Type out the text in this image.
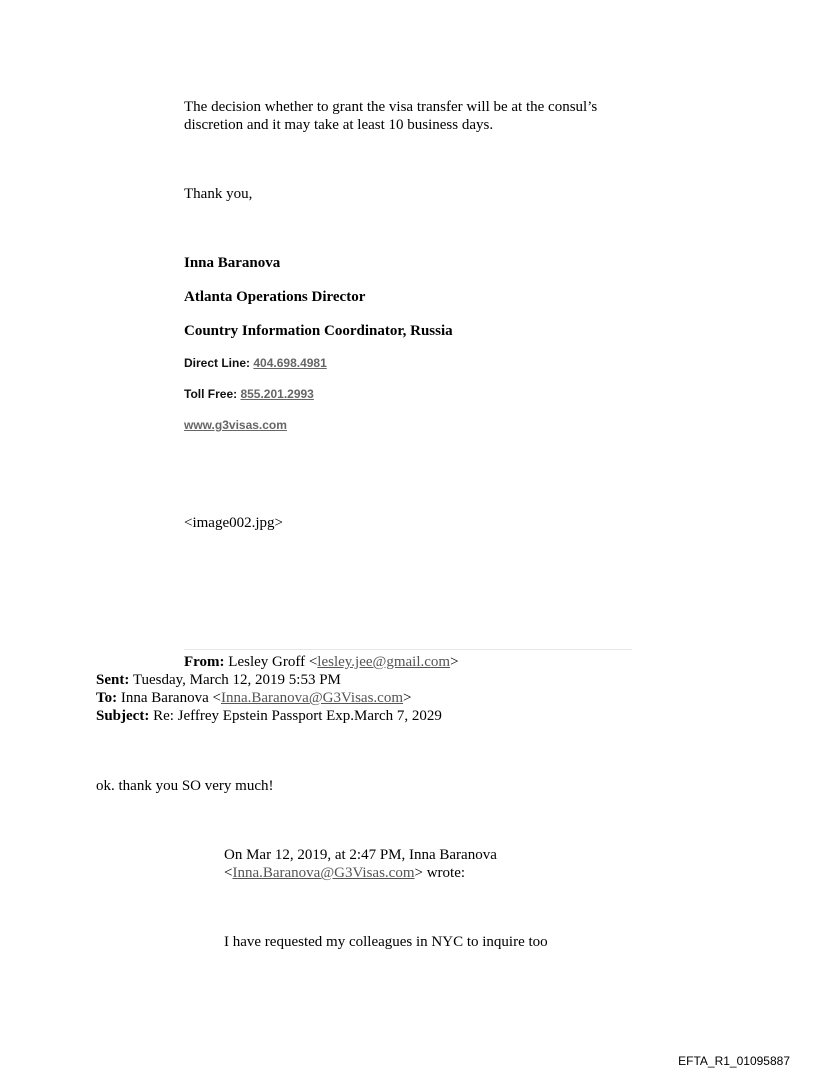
The decision whether to grant the visa transfer will be at the consul’s
discretion and it may take at least 10 business days.
Thank you,
Inna Baranova
Atlanta Operations Director
Country Information Coordinator, Russia
Direct Line: 404.698.4981
Toll Free: 855.201.2993
www.g3visas.com
<image002.jpg>
From: Lesley Groff <lesley.jee@gmail.com>
Sent: Tuesday, March 12, 2019 5:53 PM
To: Inna Baranova <Inna.Baranova@G3Visas.com>
Subject: Re: Jeffrey Epstein Passport Exp.March 7, 2029
ok. thank you SO very much!
On Mar 12, 2019, at 2:47 PM, Inna Baranova
<Inna.Baranova@G3Visas.com> wrote:
I have requested my colleagues in NYC to inquire too
EFTA_R1_01095887
